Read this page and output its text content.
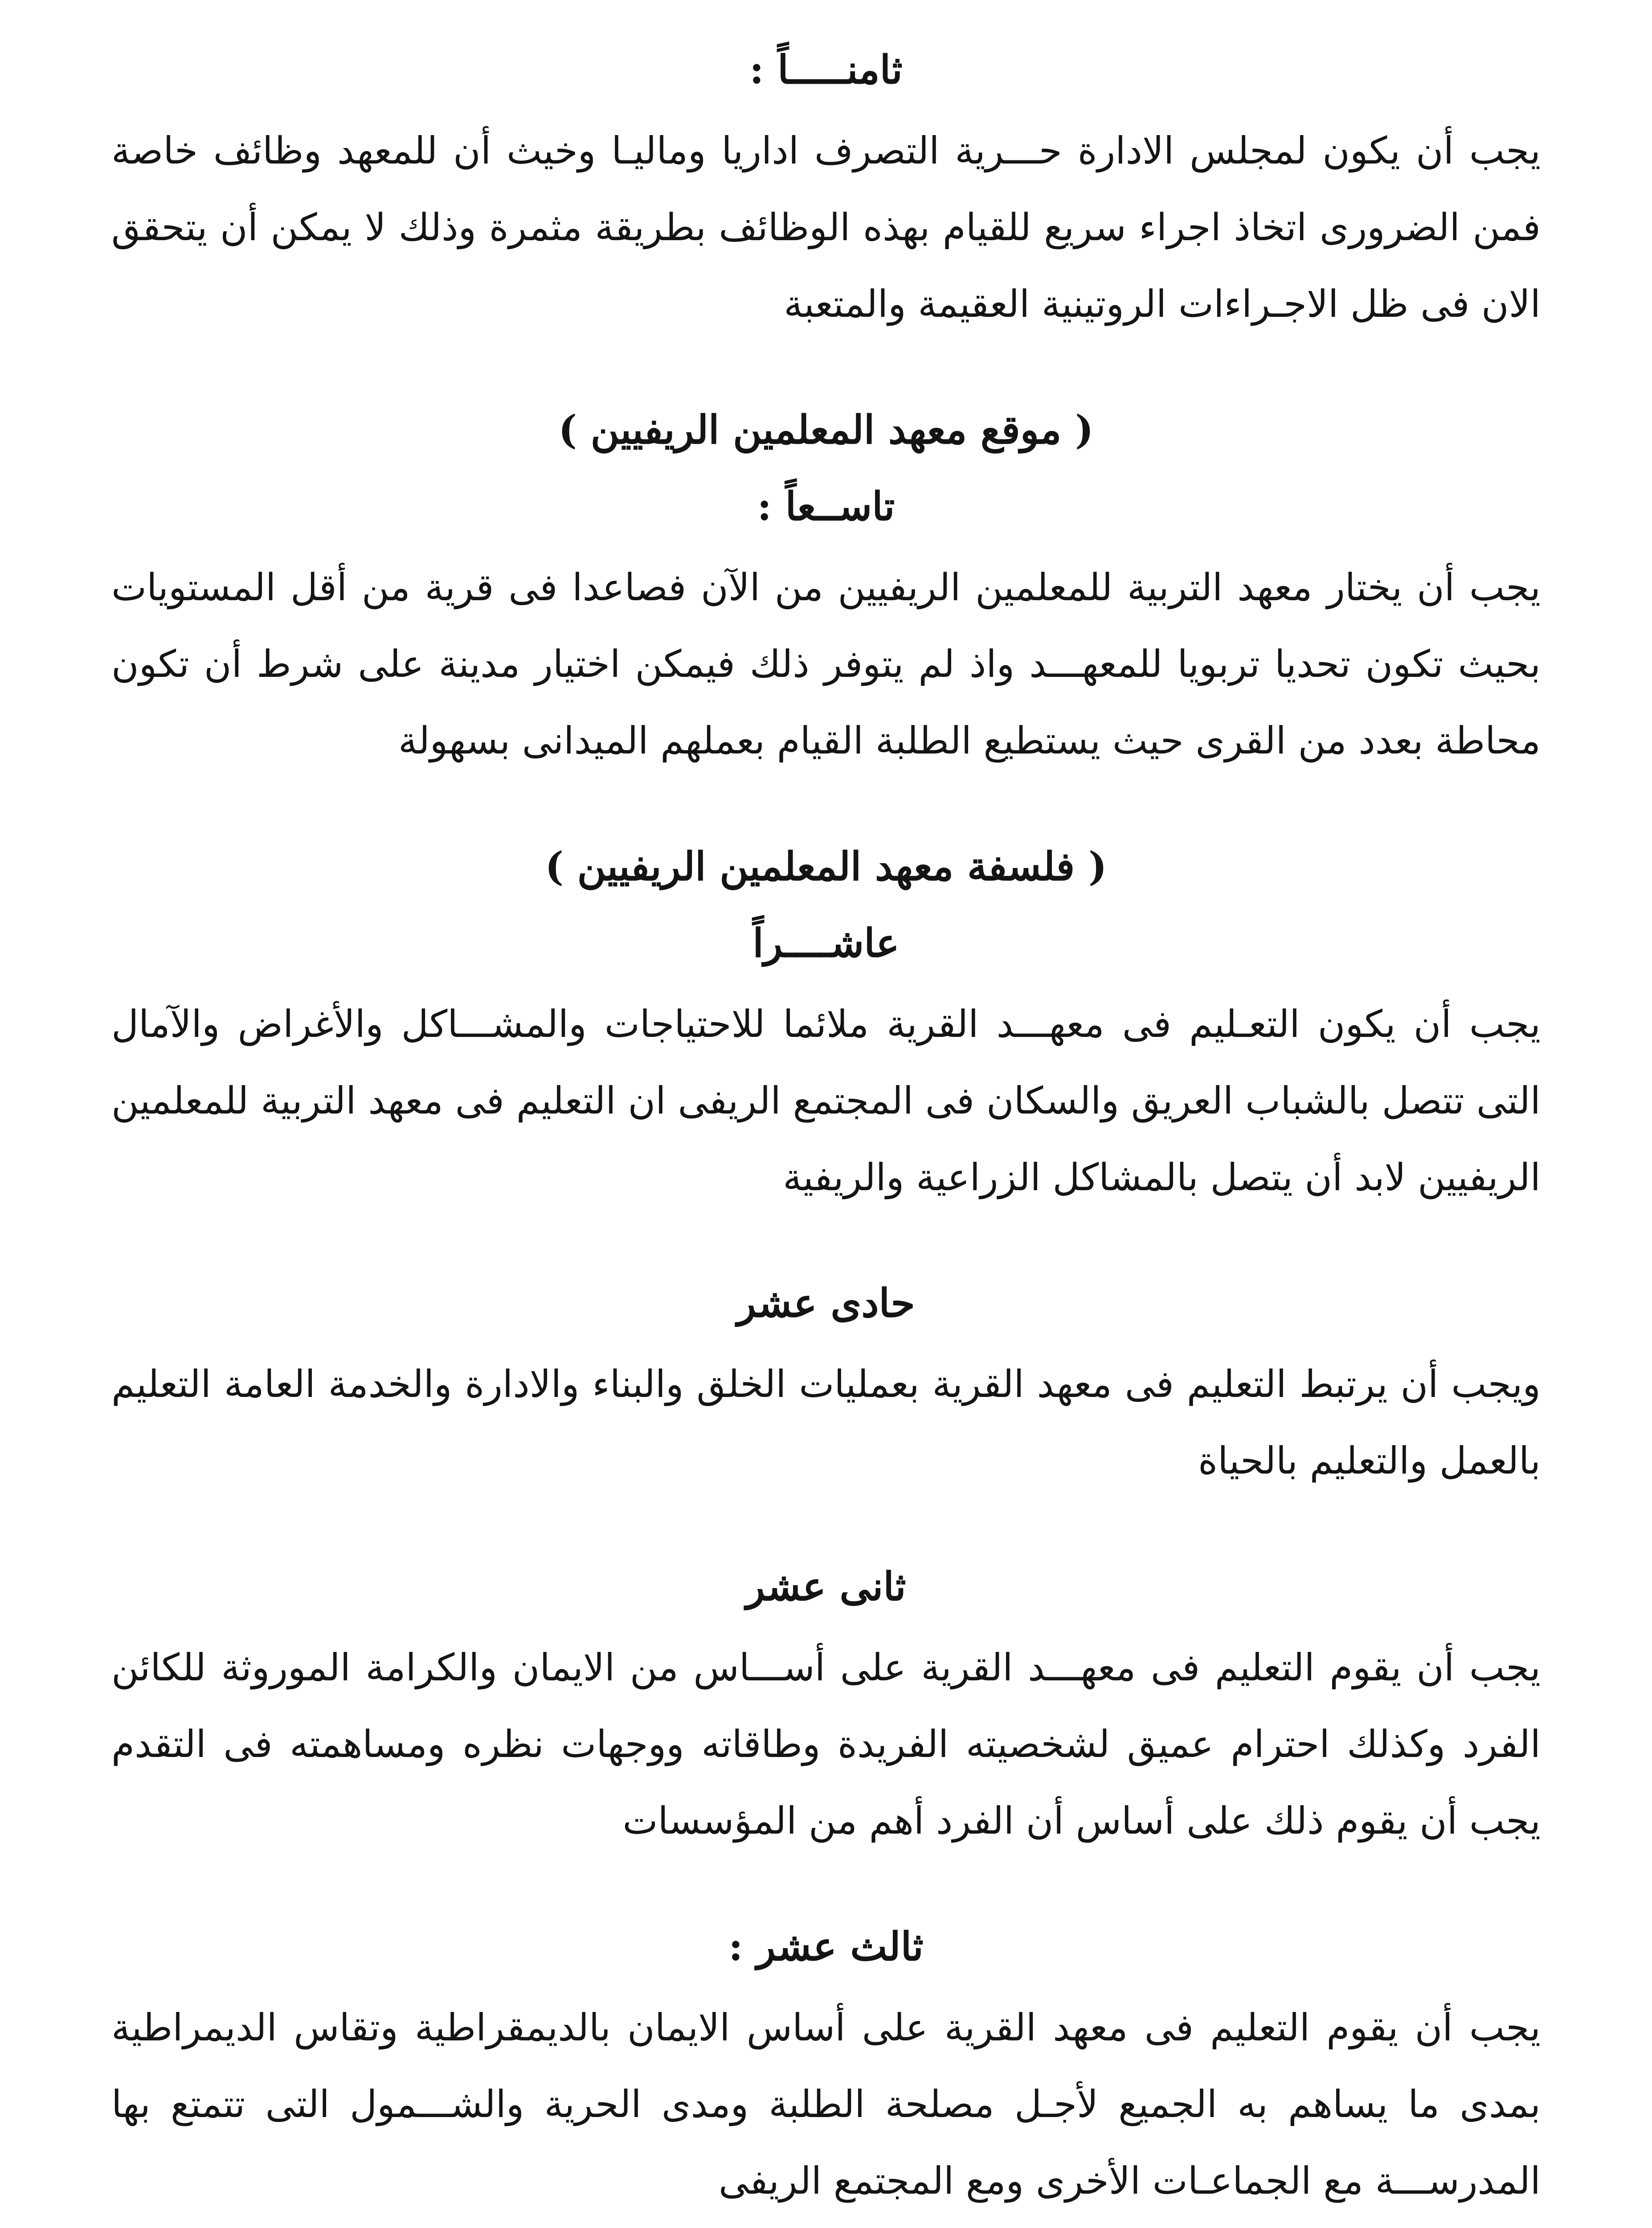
ثامنـــــاً :

يجب أن يكون لمجلس الادارة حـــرية التصرف اداريا وماليـا وخيث أن للمعهد وظائف خاصة فمن الضرورى اتخاذ اجراء سريع للقيام بهذه الوظائف بطريقة مثمرة وذلك لا يمكن أن يتحقق الان فى ظل الاجـراءات الروتينية العقيمة والمتعبة

( موقع معهد المعلمين الريفيين )
تاســعاً :

يجب أن يختار معهد التربية للمعلمين الريفيين من الآن فصاعدا فى قرية من أقل المستويات بحيث تكون تحديا تربويا للمعهـــد واذ لم يتوفر ذلك فيمكن اختيار مدينة على شرط أن تكون محاطة بعدد من القرى حيث يستطيع الطلبة القيام بعملهم الميدانى بسهولة

( فلسفة معهد المعلمين الريفيين )
عاشــــراً

يجب أن يكون التعـليم فى معهـــد القرية ملائما للاحتياجات والمشـــاكل والأغراض والآمال التى تتصل بالشباب العريق والسكان فى المجتمع الريفى ان التعليم فى معهد التربية للمعلمين الريفيين لابد أن يتصل بالمشاكل الزراعية والريفية

حادى عشر

ويجب أن يرتبط التعليم فى معهد القرية بعمليات الخلق والبناء والادارة والخدمة العامة التعليم بالعمل والتعليم بالحياة

ثانى عشر

يجب أن يقوم التعليم فى معهـــد القرية على أســـاس من الايمان والكرامة الموروثة للكائن الفرد وكذلك احترام عميق لشخصيته الفريدة وطاقاته ووجهات نظره ومساهمته فى التقدم يجب أن يقوم ذلك على أساس أن الفرد أهم من المؤسسات

ثالث عشر :

يجب أن يقوم التعليم فى معهد القرية على أساس الايمان بالديمقراطية وتقاس الديمراطية بمدى ما يساهم به الجميع لأجـل مصلحة الطلبة ومدى الحرية والشـــمول التى تتمتع بها المدرســـة مع الجماعـات الأخرى ومع المجتمع الريفى
